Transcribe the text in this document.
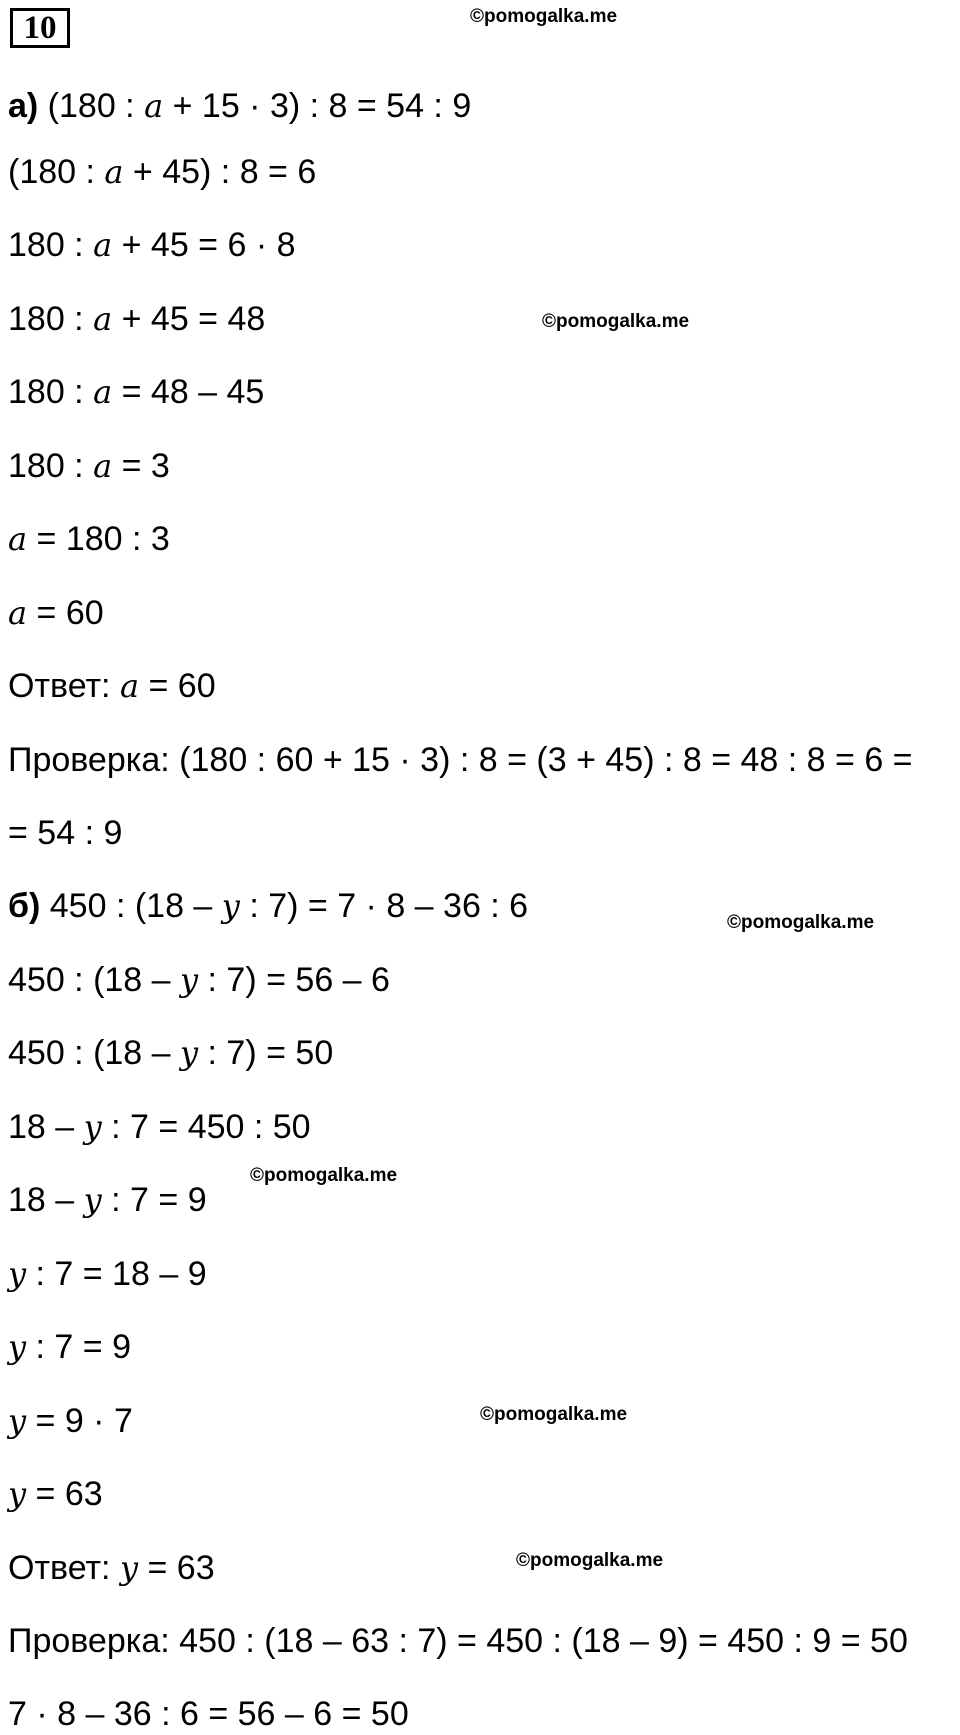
10	©pomogalka.me
©pomogalka.me
©pomogalka.me
©pomogalka.me
©pomogalka.me
©pomogalka.me
а) (180 : a + 15 · 3) : 8 = 54 : 9
(180 : a + 45) : 8 = 6
180 : a + 45 = 6 · 8
180 : a + 45 = 48
180 : a = 48 – 45
180 : a = 3
a = 180 : 3
a = 60
Ответ: a = 60
Проверка: (180 : 60 + 15 · 3) : 8 = (3 + 45) : 8 = 48 : 8 = 6 =
= 54 : 9
б) 450 : (18 – y : 7) = 7 · 8 – 36 : 6
450 : (18 – y : 7) = 56 – 6
450 : (18 – y : 7) = 50
18 – y : 7 = 450 : 50
18 – y : 7 = 9
y : 7 = 18 – 9
y : 7 = 9
y = 9 · 7
y = 63
Ответ: y = 63
Проверка: 450 : (18 – 63 : 7) = 450 : (18 – 9) = 450 : 9 = 50
7 · 8 – 36 : 6 = 56 – 6 = 50
